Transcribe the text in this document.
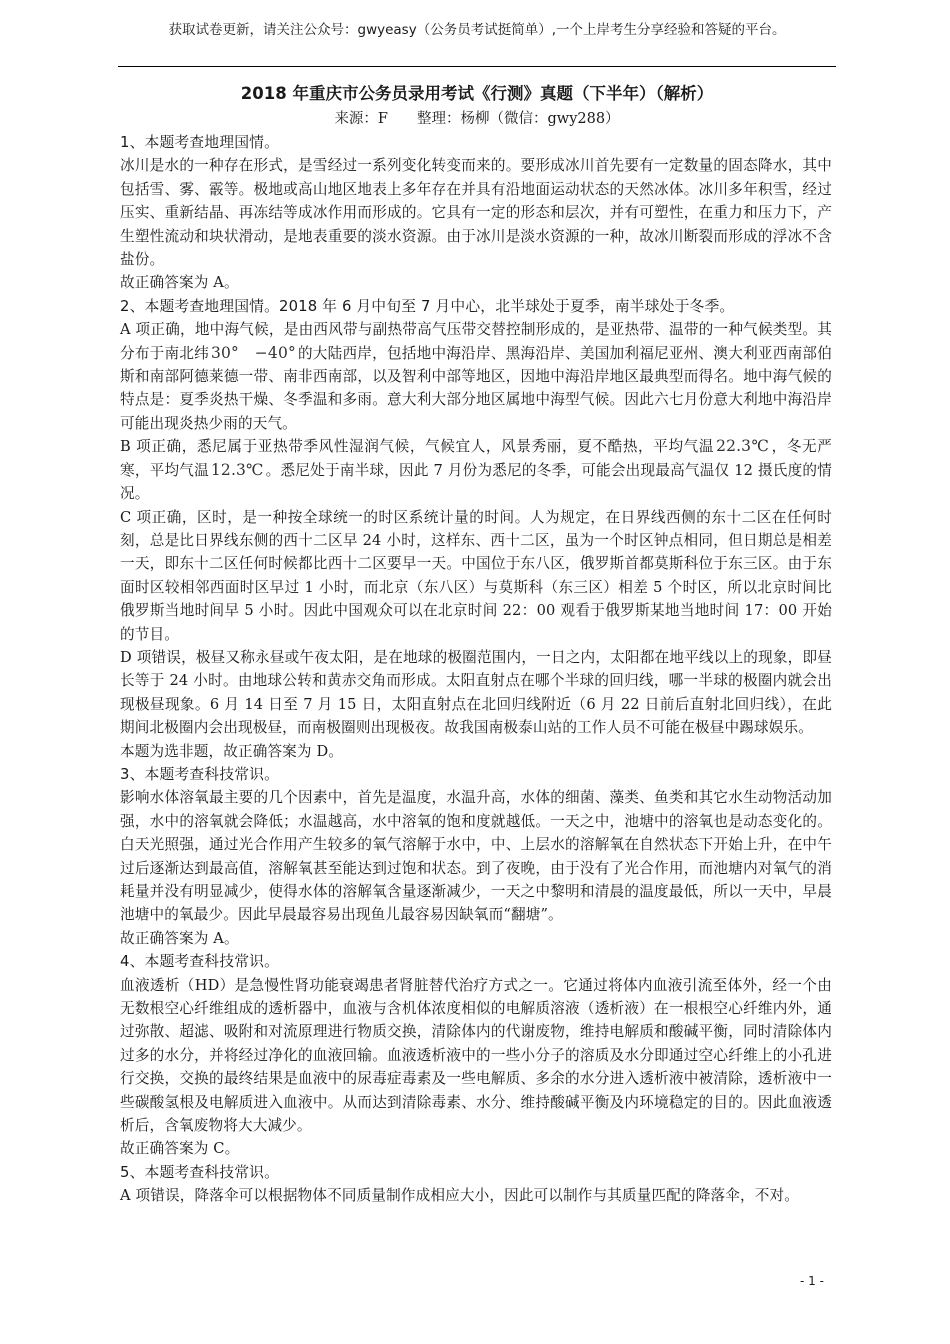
获取试卷更新，请关注公众号：gwyeasy（公务员考试挺简单）,一个上岸考生分享经验和答疑的平台。
2018 年重庆市公务员录用考试《行测》真题（下半年）（解析）
来源：F　　整理：杨柳（微信：gwy288）

1、本题考查地理国情。

冰川是水的一种存在形式，是雪经过一系列变化转变而来的。要形成冰川首先要有一定数量的固态降水，其中包括雪、雾、霰等。极地或高山地区地表上多年存在并具有沿地面运动状态的天然冰体。冰川多年积雪，经过压实、重新结晶、再冻结等成冰作用而形成的。它具有一定的形态和层次，并有可塑性，在重力和压力下，产生塑性流动和块状滑动，是地表重要的淡水资源。由于冰川是淡水资源的一种，故冰川断裂而形成的浮冰不含盐份。

故正确答案为 A。

2、本题考查地理国情。2018 年 6 月中旬至 7 月中心，北半球处于夏季，南半球处于冬季。

A 项正确，地中海气候，是由西风带与副热带高气压带交替控制形成的，是亚热带、温带的一种气候类型。其分布于南北纬 30°　−40° 的大陆西岸，包括地中海沿岸、黑海沿岸、美国加利福尼亚州、澳大利亚西南部伯斯和南部阿德莱德一带、南非西南部，以及智利中部等地区，因地中海沿岸地区最典型而得名。地中海气候的特点是：夏季炎热干燥、冬季温和多雨。意大利大部分地区属地中海型气候。因此六七月份意大利地中海沿岸可能出现炎热少雨的天气。

B 项正确，悉尼属于亚热带季风性湿润气候，气候宜人，风景秀丽，夏不酷热，平均气温 22.3℃ ，冬无严寒，平均气温 12.3℃ 。悉尼处于南半球，因此 7 月份为悉尼的冬季，可能会出现最高气温仅 12 摄氏度的情况。

C 项正确，区时，是一种按全球统一的时区系统计量的时间。人为规定，在日界线西侧的东十二区在任何时刻，总是比日界线东侧的西十二区早 24 小时，这样东、西十二区，虽为一个时区钟点相同，但日期总是相差一天，即东十二区任何时候都比西十二区要早一天。中国位于东八区，俄罗斯首都莫斯科位于东三区。由于东面时区较相邻西面时区早过 1 小时，而北京（东八区）与莫斯科（东三区）相差 5 个时区，所以北京时间比俄罗斯当地时间早 5 小时。因此中国观众可以在北京时间 22：00 观看于俄罗斯某地当地时间 17：00 开始的节目。

D 项错误，极昼又称永昼或午夜太阳，是在地球的极圈范围内，一日之内，太阳都在地平线以上的现象，即昼长等于 24 小时。由地球公转和黄赤交角而形成。太阳直射点在哪个半球的回归线，哪一半球的极圈内就会出现极昼现象。6 月 14 日至 7 月 15 日，太阳直射点在北回归线附近（6 月 22 日前后直射北回归线），在此期间北极圈内会出现极昼，而南极圈则出现极夜。故我国南极泰山站的工作人员不可能在极昼中踢球娱乐。

本题为选非题，故正确答案为 D。

3、本题考查科技常识。

影响水体溶氧最主要的几个因素中，首先是温度，水温升高，水体的细菌、藻类、鱼类和其它水生动物活动加强，水中的溶氧就会降低；水温越高，水中溶氧的饱和度就越低。一天之中，池塘中的溶氧也是动态变化的。白天光照强，通过光合作用产生较多的氧气溶解于水中，中、上层水的溶解氧在自然状态下开始上升，在中午过后逐渐达到最高值，溶解氧甚至能达到过饱和状态。到了夜晚，由于没有了光合作用，而池塘内对氧气的消耗量并没有明显减少，使得水体的溶解氧含量逐渐减少，一天之中黎明和清晨的温度最低，所以一天中，早晨池塘中的氧最少。因此早晨最容易出现鱼儿最容易因缺氧而“翻塘”。

故正确答案为 A。

4、本题考查科技常识。

血液透析（HD）是急慢性肾功能衰竭患者肾脏替代治疗方式之一。它通过将体内血液引流至体外，经一个由无数根空心纤维组成的透析器中，血液与含机体浓度相似的电解质溶液（透析液）在一根根空心纤维内外，通过弥散、超滤、吸附和对流原理进行物质交换，清除体内的代谢废物，维持电解质和酸碱平衡，同时清除体内过多的水分，并将经过净化的血液回输。血液透析液中的一些小分子的溶质及水分即通过空心纤维上的小孔进行交换，交换的最终结果是血液中的尿毒症毒素及一些电解质、多余的水分进入透析液中被清除，透析液中一些碳酸氢根及电解质进入血液中。从而达到清除毒素、水分、维持酸碱平衡及内环境稳定的目的。因此血液透析后，含氧废物将大大减少。

故正确答案为 C。

5、本题考查科技常识。

A 项错误，降落伞可以根据物体不同质量制作成相应大小，因此可以制作与其质量匹配的降落伞，不对。

- 1 -
